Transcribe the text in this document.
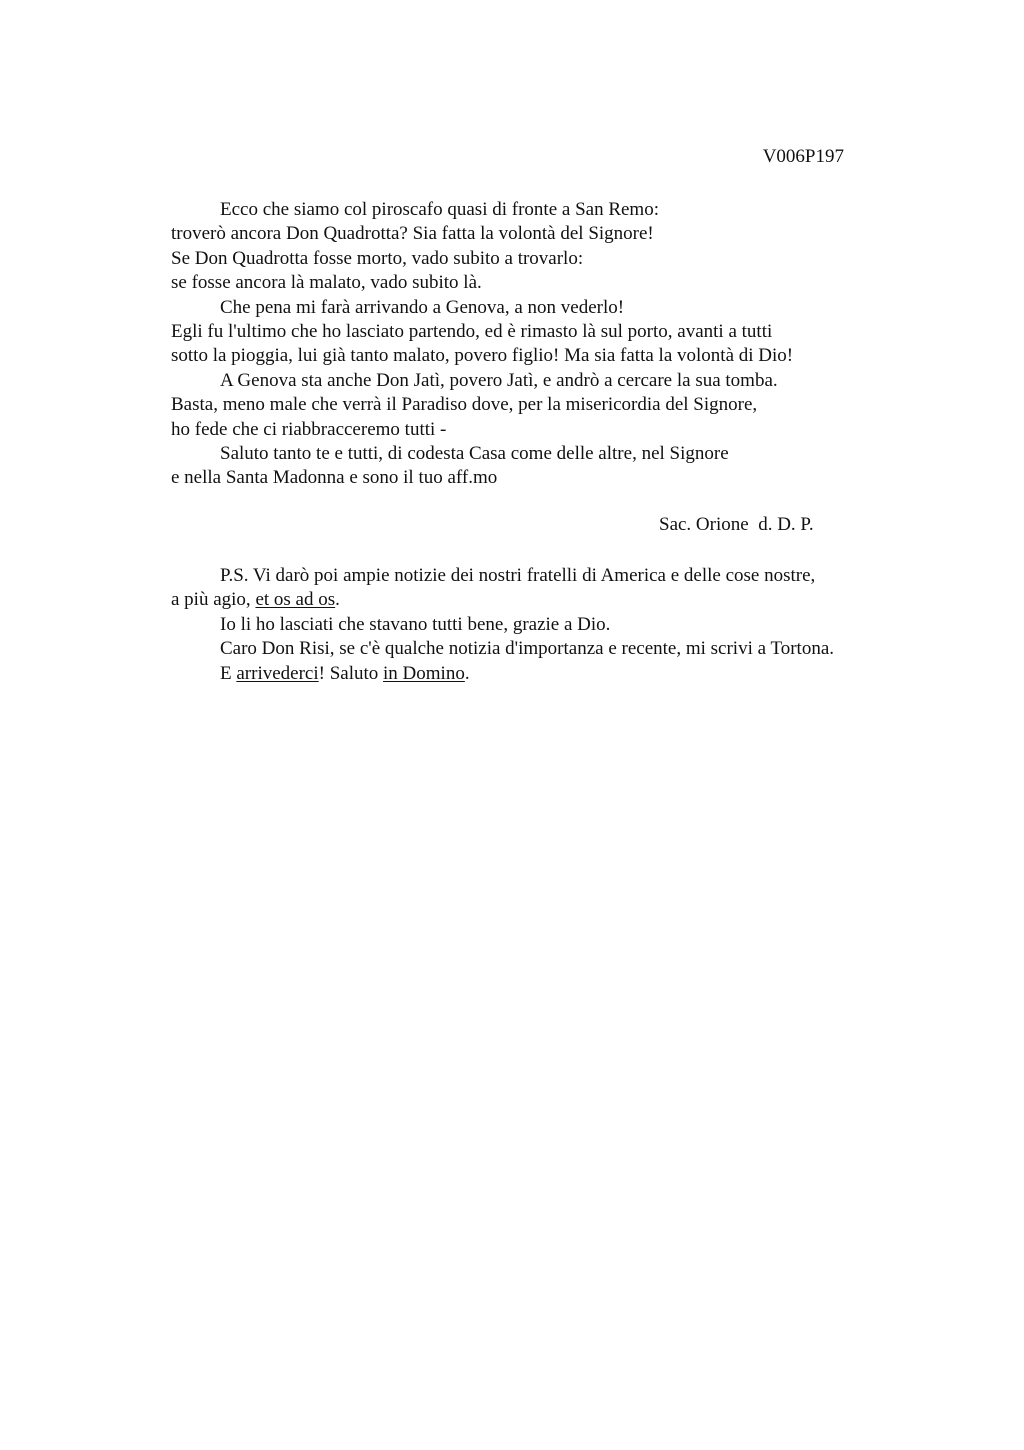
V006P197
Ecco che siamo col piroscafo quasi di fronte a San Remo:
troverò ancora Don Quadrotta? Sia fatta la volontà del Signore!
Se Don Quadrotta fosse morto, vado subito a trovarlo:
se fosse ancora là malato, vado subito là.
Che pena mi farà arrivando a Genova, a non vederlo!
Egli fu l'ultimo che ho lasciato partendo, ed è rimasto là sul porto, avanti a tutti
sotto la pioggia, lui già tanto malato, povero figlio! Ma sia fatta la volontà di Dio!
A Genova sta anche Don Jatì, povero Jatì, e andrò a cercare la sua tomba.
Basta, meno male che verrà il Paradiso dove, per la misericordia del Signore,
ho fede che ci riabbracceremo tutti -
Saluto tanto te e tutti, di codesta Casa come delle altre, nel Signore
e nella Santa Madonna e sono il tuo aff.mo
Sac. Orione  d. D. P.
P.S. Vi darò poi ampie notizie dei nostri fratelli di America e delle cose nostre,
a più agio, et os ad os.
Io li ho lasciati che stavano tutti bene, grazie a Dio.
Caro Don Risi, se c'è qualche notizia d'importanza e recente, mi scrivi a Tortona.
E arrivederci! Saluto in Domino.
